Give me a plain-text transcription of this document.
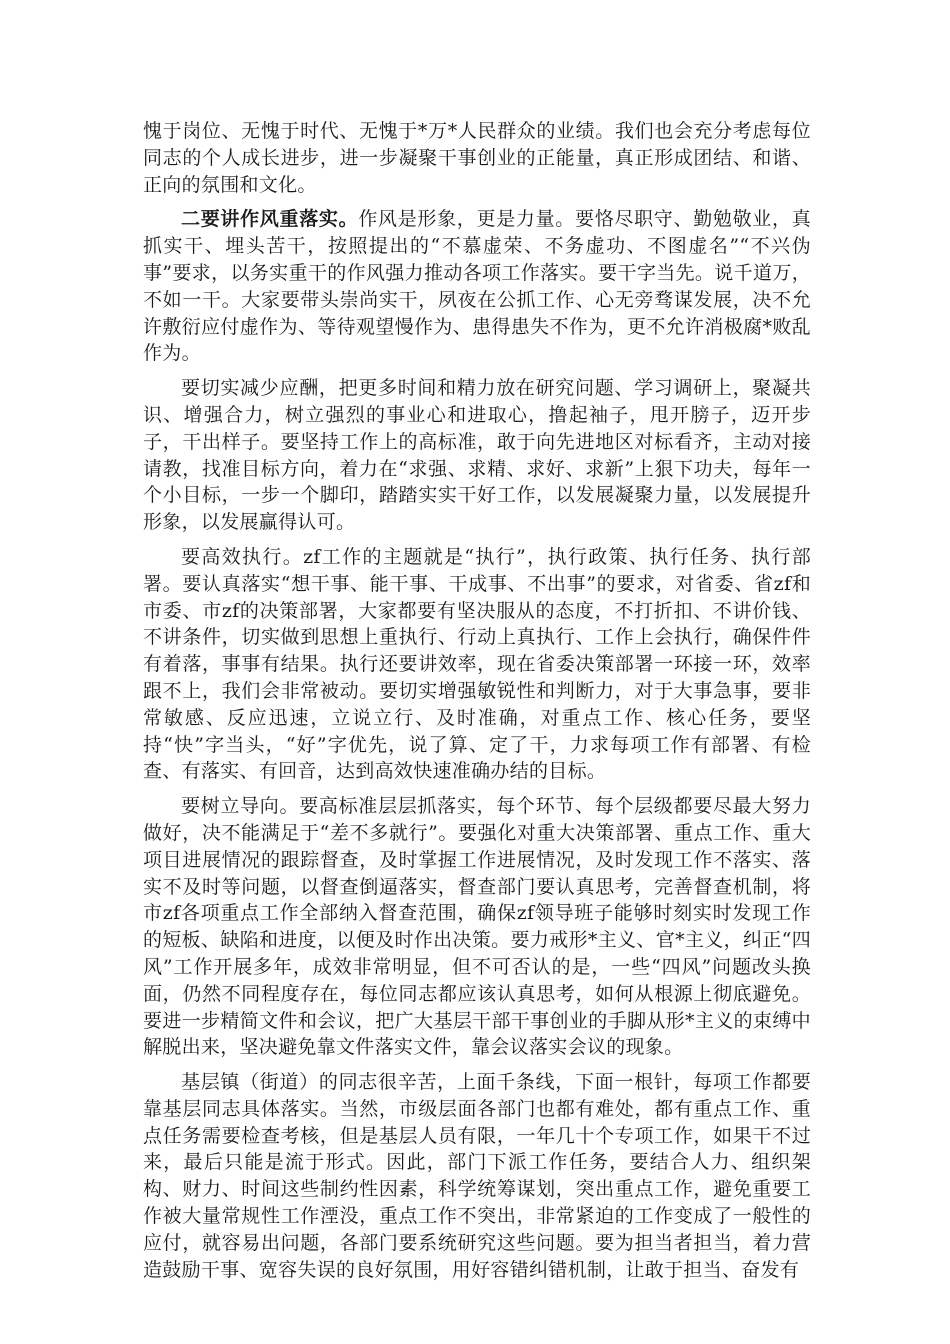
愧于岗位、无愧于时代、无愧于*万*人民群众的业绩。我们也会充分考虑每位同志的个人成长进步，进一步凝聚干事创业的正能量，真正形成团结、和谐、正向的氛围和文化。

二要讲作风重落实。作风是形象，更是力量。要恪尽职守、勤勉敬业，真抓实干、埋头苦干，按照提出的“不慕虚荣、不务虚功、不图虚名”“不兴伪事”要求，以务实重干的作风强力推动各项工作落实。要干字当先。说千道万，不如一干。大家要带头崇尚实干，夙夜在公抓工作、心无旁骛谋发展，决不允许敷衍应付虚作为、等待观望慢作为、患得患失不作为，更不允许消极腐*败乱作为。

要切实减少应酬，把更多时间和精力放在研究问题、学习调研上，聚凝共识、增强合力，树立强烈的事业心和进取心，撸起袖子，甩开膀子，迈开步子，干出样子。要坚持工作上的高标准，敢于向先进地区对标看齐，主动对接请教，找准目标方向，着力在“求强、求精、求好、求新”上狠下功夫，每年一个小目标，一步一个脚印，踏踏实实干好工作，以发展凝聚力量，以发展提升形象，以发展赢得认可。

要高效执行。zf工作的主题就是“执行”，执行政策、执行任务、执行部署。要认真落实“想干事、能干事、干成事、不出事”的要求，对省委、省zf和市委、市zf的决策部署，大家都要有坚决服从的态度，不打折扣、不讲价钱、不讲条件，切实做到思想上重执行、行动上真执行、工作上会执行，确保件件有着落，事事有结果。执行还要讲效率，现在省委决策部署一环接一环，效率跟不上，我们会非常被动。要切实增强敏锐性和判断力，对于大事急事，要非常敏感、反应迅速，立说立行、及时准确，对重点工作、核心任务，要坚持“快”字当头，“好”字优先，说了算、定了干，力求每项工作有部署、有检查、有落实、有回音，达到高效快速准确办结的目标。

要树立导向。要高标准层层抓落实，每个环节、每个层级都要尽最大努力做好，决不能满足于“差不多就行”。要强化对重大决策部署、重点工作、重大项目进展情况的跟踪督查，及时掌握工作进展情况，及时发现工作不落实、落实不及时等问题，以督查倒逼落实，督查部门要认真思考，完善督查机制，将市zf各项重点工作全部纳入督查范围，确保zf领导班子能够时刻实时发现工作的短板、缺陷和进度，以便及时作出决策。要力戒形*主义、官*主义，纠正“四风”工作开展多年，成效非常明显，但不可否认的是，一些“四风”问题改头换面，仍然不同程度存在，每位同志都应该认真思考，如何从根源上彻底避免。要进一步精简文件和会议，把广大基层干部干事创业的手脚从形*主义的束缚中解脱出来，坚决避免靠文件落实文件，靠会议落实会议的现象。

基层镇（街道）的同志很辛苦，上面千条线，下面一根针，每项工作都要靠基层同志具体落实。当然，市级层面各部门也都有难处，都有重点工作、重点任务需要检查考核，但是基层人员有限，一年几十个专项工作，如果干不过来，最后只能是流于形式。因此，部门下派工作任务，要结合人力、组织架构、财力、时间这些制约性因素，科学统筹谋划，突出重点工作，避免重要工作被大量常规性工作湮没，重点工作不突出，非常紧迫的工作变成了一般性的应付，就容易出问题，各部门要系统研究这些问题。要为担当者担当，着力营造鼓励干事、宽容失误的良好氛围，用好容错纠错机制，让敢于担当、奋发有
